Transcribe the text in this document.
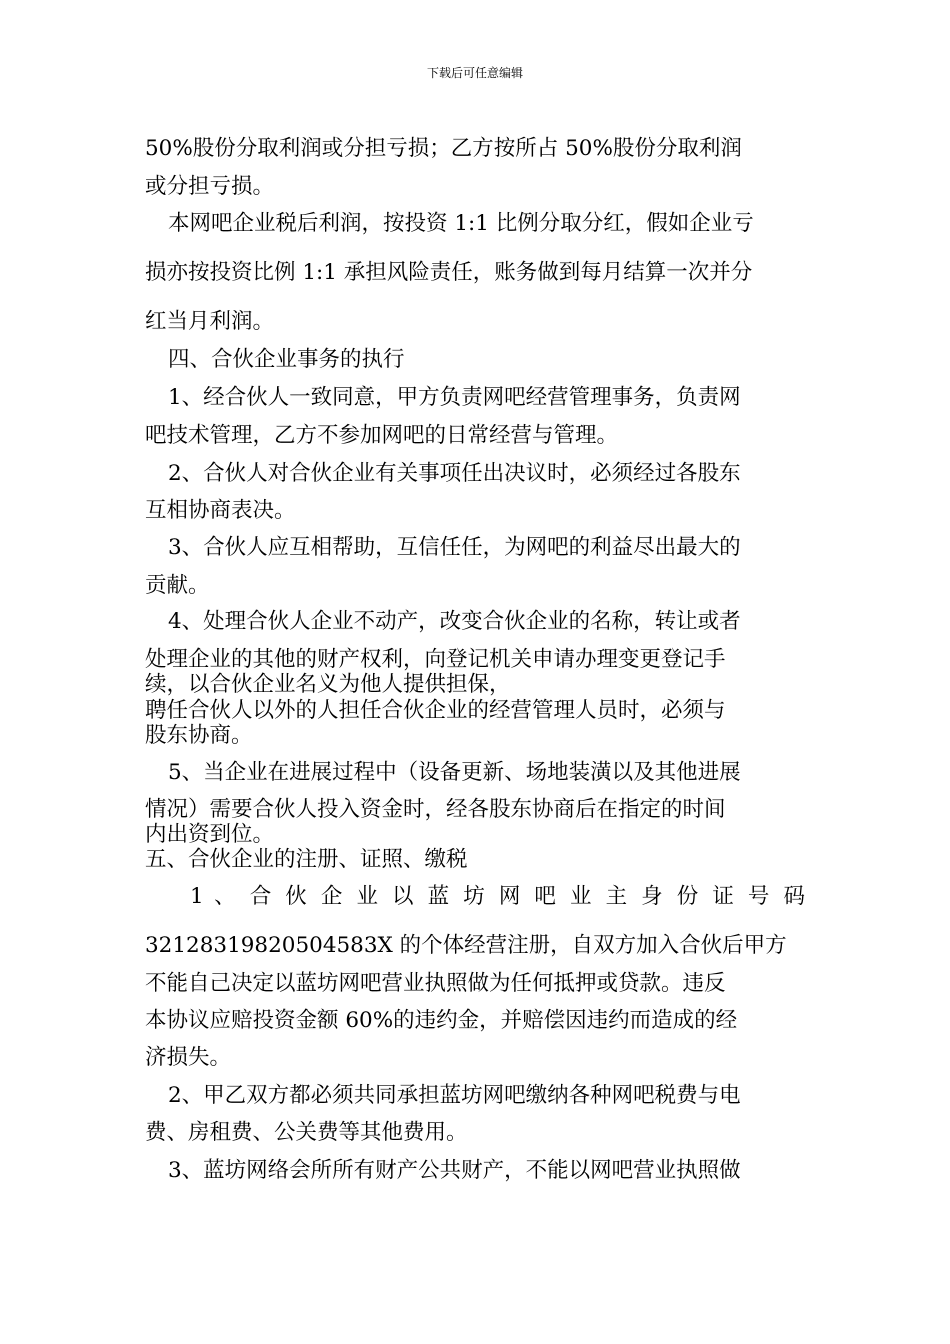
下载后可任意编辑
50%股份分取利润或分担亏损；乙方按所占 50%股份分取利润
或分担亏损。
本网吧企业税后利润，按投资 1:1 比例分取分红，假如企业亏
损亦按投资比例 1:1 承担风险责任，账务做到每月结算一次并分
红当月利润。
四、合伙企业事务的执行
1、经合伙人一致同意，甲方负责网吧经营管理事务，负责网
吧技术管理，乙方不参加网吧的日常经营与管理。
2、合伙人对合伙企业有关事项任出决议时，必须经过各股东
互相协商表决。
3、合伙人应互相帮助，互信任任，为网吧的利益尽出最大的
贡献。
4、处理合伙人企业不动产，改变合伙企业的名称，转让或者
处理企业的其他的财产权利，向登记机关申请办理变更登记手
续，以合伙企业名义为他人提供担保，
聘任合伙人以外的人担任合伙企业的经营管理人员时，必须与
股东协商。
5、当企业在进展过程中（设备更新、场地装潢以及其他进展
情况）需要合伙人投入资金时，经各股东协商后在指定的时间
内出资到位。
五、合伙企业的注册、证照、缴税
1 、 合 伙 企 业 以 蓝 坊 网 吧 业 主 身 份 证 号 码
32128319820504583X 的个体经营注册，自双方加入合伙后甲方
不能自己决定以蓝坊网吧营业执照做为任何抵押或贷款。违反
本协议应赔投资金额 60%的违约金，并赔偿因违约而造成的经
济损失。
2、甲乙双方都必须共同承担蓝坊网吧缴纳各种网吧税费与电
费、房租费、公关费等其他费用。
3、蓝坊网络会所所有财产公共财产，不能以网吧营业执照做
